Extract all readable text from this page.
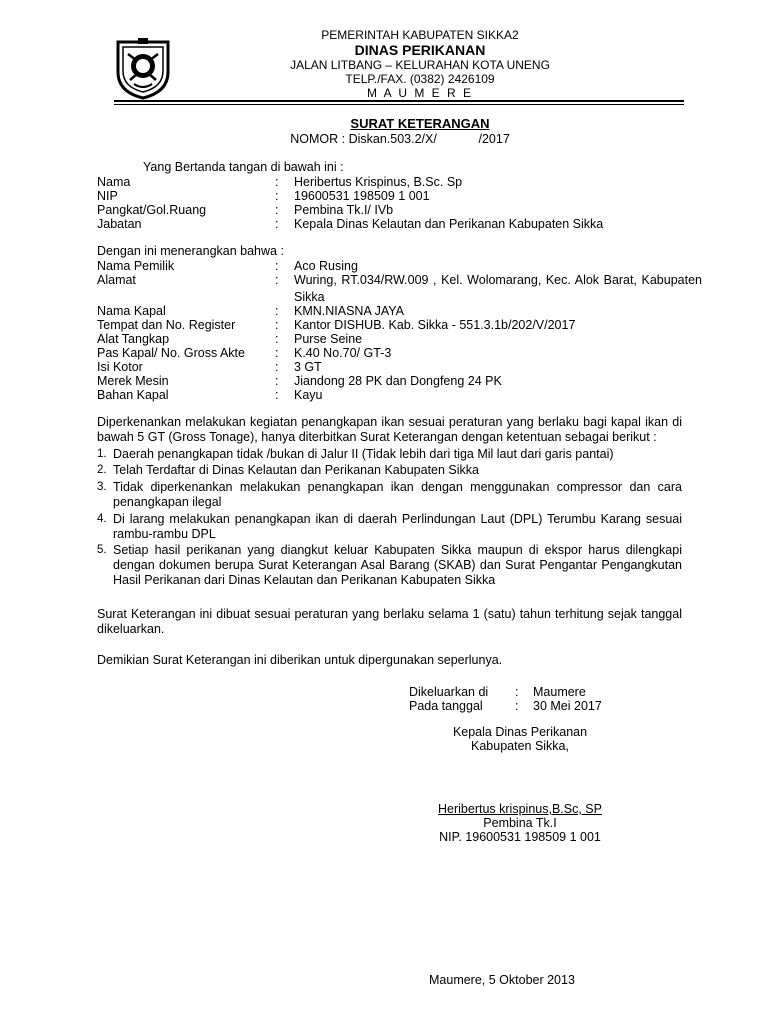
PEMERINTAH KABUPATEN SIKKA2
DINAS PERIKANAN
JALAN LITBANG – KELURAHAN KOTA UNENG
TELP./FAX. (0382) 2426109
M A U M E R E
SURAT KETERANGAN
NOMOR : Diskan.503.2/X/            /2017
Yang Bertanda tangan di bawah ini :
Nama	: Heribertus Krispinus, B.Sc. Sp
NIP	: 19600531 198509 1 001
Pangkat/Gol.Ruang	: Pembina Tk.I/ IVb
Jabatan	: Kepala Dinas Kelautan dan Perikanan Kabupaten Sikka
Dengan ini menerangkan bahwa :
Nama Pemilik	: Aco Rusing
Alamat	: Wuring, RT.034/RW.009 , Kel. Wolomarang, Kec. Alok Barat, Kabupaten
Sikka
Nama Kapal	: KMN.NIASNA JAYA
Tempat dan No. Register	: Kantor DISHUB. Kab. Sikka - 551.3.1b/202/V/2017
Alat Tangkap	: Purse Seine
Pas Kapal/ No. Gross Akte : K.40 No.70/ GT-3
Isi Kotor	: 3 GT
Merek Mesin	: Jiandong 28 PK dan Dongfeng 24 PK
Bahan Kapal	: Kayu
Diperkenankan melakukan kegiatan penangkapan ikan sesuai peraturan yang berlaku bagi kapal ikan di bawah 5 GT (Gross Tonage), hanya diterbitkan Surat Keterangan dengan ketentuan sebagai berikut :
1. Daerah penangkapan tidak /bukan di Jalur II (Tidak lebih dari tiga Mil laut dari garis pantai)
2. Telah Terdaftar di Dinas Kelautan dan Perikanan Kabupaten Sikka
3. Tidak diperkenankan melakukan penangkapan ikan dengan menggunakan compressor dan cara penangkapan ilegal
4. Di larang melakukan penangkapan ikan di daerah Perlindungan Laut (DPL) Terumbu Karang sesuai rambu-rambu DPL
5. Setiap hasil perikanan yang diangkut keluar Kabupaten Sikka maupun di ekspor harus dilengkapi dengan dokumen berupa Surat Keterangan Asal Barang (SKAB) dan Surat Pengantar Pengangkutan Hasil Perikanan dari Dinas Kelautan dan Perikanan Kabupaten Sikka
Surat Keterangan ini dibuat sesuai peraturan yang berlaku selama 1 (satu) tahun terhitung sejak tanggal dikeluarkan.
Demikian Surat Keterangan ini diberikan untuk dipergunakan seperlunya.
Dikeluarkan di : Maumere
Pada tanggal	: 30 Mei 2017
Kepala Dinas Perikanan
Kabupaten Sikka,
Heribertus krispinus,B.Sc, SP
Pembina Tk.I
NIP. 19600531 198509 1 001
Maumere, 5 Oktober 2013
